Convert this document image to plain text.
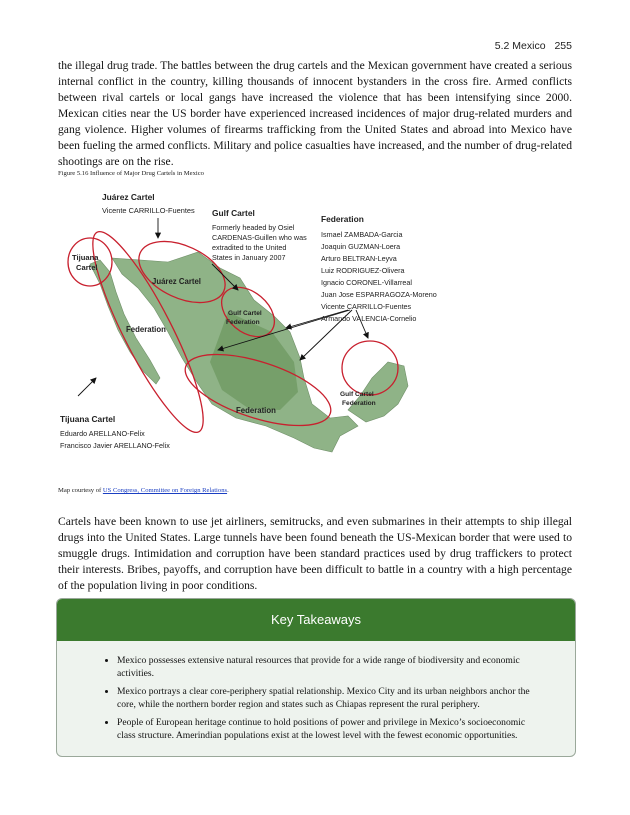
5.2 Mexico 255

the illegal drug trade. The battles between the drug cartels and the Mexican government have created a serious internal conflict in the country, killing thousands of innocent bystanders in the cross fire. Armed conflicts between rival cartels or local gangs have increased the violence that has been intensifying since 2000. Mexican cities near the US border have experienced increased incidences of major drug-related murders and gang violence. Higher volumes of firearms trafficking from the United States and abroad into Mexico have been fueling the armed conflicts. Military and police casualties have increased, and the number of drug-related shootings are on the rise.

Figure 5.16 Influence of Major Drug Cartels in Mexico
Tijuana
Cartel
Juárez Cartel
Gulf Cartel
Federation
Federation
Federation
Gulf Cartel
Federation
Juárez Cartel
Vicente CARRILLO-Fuentes Gulf Cartel
Formerly headed by Osiel
CARDENAS-Guillen who was
extradited to the United
States in January 2007
Federation
Ismael ZAMBADA-Garcia
Joaquin GUZMAN-Loera
Arturo BELTRAN-Leyva
Luiz RODRIGUEZ-Olivera
Ignacio CORONEL-Villarreal
Juan Jose ESPARRAGOZA-Moreno
Vicente CARRILLO-Fuentes
Armando VALENCIA-Cornelio
Tijuana Cartel
Eduardo ARELLANO-Felix
Francisco Javier ARELLANO-Felix
Map courtesy of US Congress, Committee on Foreign Relations.

Cartels have been known to use jet airliners, semitrucks, and even submarines in their attempts to ship illegal drugs into the United States. Large tunnels have been found beneath the US-Mexican border that were used to smuggle drugs. Intimidation and corruption have been standard practices used by drug traffickers to protect their interests. Bribes, payoffs, and corruption have been difficult to battle in a country with a high percentage of the population living in poor conditions.

Key Takeaways
• Mexico possesses extensive natural resources that provide for a wide range of biodiversity and economic activities.
• Mexico portrays a clear core-periphery spatial relationship. Mexico City and its urban neighbors anchor the core, while the northern border region and states such as Chiapas represent the rural periphery.
• People of European heritage continue to hold positions of power and privilege in Mexico’s socioeconomic class structure. Amerindian populations exist at the lowest level with the fewest economic opportunities.
